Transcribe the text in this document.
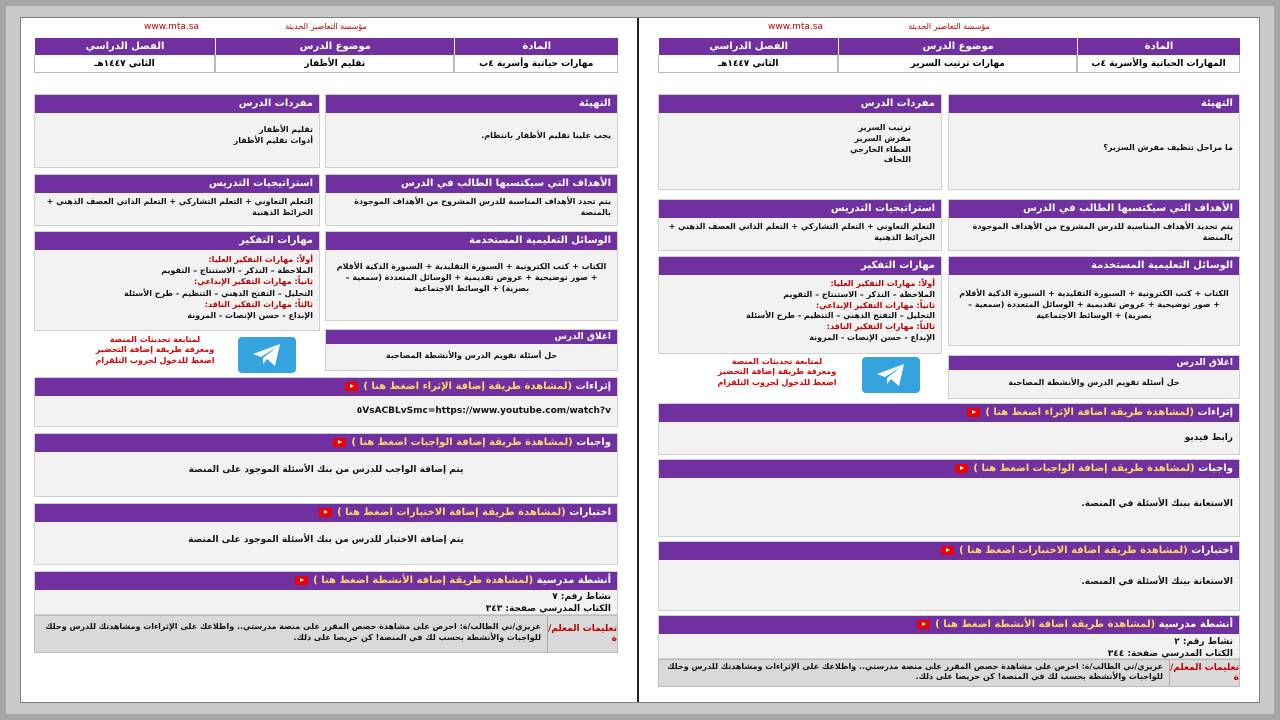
مؤسسة التعاضير الحديثة
www.mta.sa
المادة
موضوع الدرس
الفصل الدراسي
مهارات حياتية وأسرية ٤ب
تقليم الأظفار
الثاني ١٤٤٧هـ
التهيئة
يجب علينا تقليم الأظفار بانتظام.
مفردات الدرس
تقليم الأظفار
أدوات تقليم الأظفار
الأهداف التي سيكتسبها الطالب في الدرس
يتم تحدد الأهداف المناسبة للدرس المشروح من الأهداف الموجودة بالمنصة
استراتيجيات التدريس
التعلم التعاوني + التعلم التشاركي + التعلم الذاتي العصف الذهني + الخرائط الذهنية
الوسائل التعليمية المستخدمة
الكتاب + كتب الكترونية + السبورة التقليدية + السبورة الذكية الأقلام + صور توضيحية + عروض تقديمية + الوسائل المتعددة (سمعية – بصرية) + الوسائط الاجتماعية
مهارات التفكير
أولاً: مهارات التفكير العليا:
الملاحظة – التذكر – الاستنتاج – التقويم
ثانياً: مهارات التفكير الإبداعي:
التحليل – التفتح الذهني – التنظيم - طرح الأسئلة
ثالثاً: مهارات التفكير الناقد:
الإبداع - حسن الإنصات - المرونة
اغلاق الدرس
حل أسئلة تقويم الدرس والأنشطة المصاحبة
لمتابعة تحديثات المنصة
ومعرفة طريقة إضافة التحضير
اضغط للدخول لجروب التلقرام
إثراءات (لمشاهدة طريقة إضافة الإثراء اضغط هنا )
https://www.youtube.com/watch?v=٥VsACBLvSmc
واجبات (لمشاهدة طريقة إضافة الواجبات اضغط هنا )
يتم إضافة الواجب للدرس من بنك الأسئلة الموجود على المنصة
اختبارات (لمشاهدة طريقة إضافة الاختبارات اضغط هنا )
يتم إضافة الاختبار للدرس من بنك الأسئلة الموجود على المنصة
أنشطة مدرسية (لمشاهدة طريقة إضافة الأنشطة اضغط هنا )
نشاط رقم: ٧
الكتاب المدرسي صفحة: ٣٤٣
تعليمات المعلم/ة
عزيزي/تي الطالب/ة: احرص على مشاهدة حصص المقرر على منصة مدرستي.. واطلاعك على الإثراءات ومشاهدتك للدرس وحلك للواجبات والأنشطة بحسب لك في المنصة! كن حريصا على ذلك.
مؤسسة التعاضير الحديثة
www.mta.sa
المادة
موضوع الدرس
الفصل الدراسي
المهارات الحياتية والأسرية ٤ب
مهارات ترتيب السرير
الثاني ١٤٤٧هـ
التهيئة
ما مراحل تنظيف مفرش السرير؟
مفردات الدرس
ترتيب السرير
مفرش السرير
الغطاء الخارجي
اللحاف
الأهداف التي سيكتسبها الطالب في الدرس
يتم تحديد الأهداف المناسبة للدرس المشروح من الأهداف الموجودة بالمنصة
استراتيجيات التدريس
التعلم التعاوني + التعلم التشاركي + التعلم الذاتي العصف الذهني + الخرائط الذهنية
الوسائل التعليمية المستخدمة
الكتاب + كتب الكترونية + السبورة التقليدية + السبورة الذكية الأقلام + صور توضيحية + عروض تقديمية + الوسائل المتعددة (سمعية – بصرية) + الوسائط الاجتماعية
مهارات التفكير
أولاً: مهارات التفكير العليا:
الملاحظة – التذكر – الاستنتاج – التقويم
ثانياً: مهارات التفكير الإبداعي:
التحليل – التفتح الذهني – التنظيم - طرح الأسئلة
ثالثاً: مهارات التفكير الناقد:
الإبداع - حسن الإنصات - المرونة
اغلاق الدرس
حل أسئلة تقويم الدرس والأنشطة المصاحبة
لمتابعة تحديثات المنصة
ومعرفة طريقة إضافة التحضير
اضغط للدخول لجروب التلقرام
إثراءات (لمشاهدة طريقة اضافة الإثراء اضغط هنا )
رابط فيديو
واجبات (لمشاهدة طريقة إضافة الواجبات اضغط هنا )
الاستعانة ببنك الأسئلة في المنصة.
اختبارات (لمشاهدة طريقة اضافة الاختبارات اضغط هنا )
الاستعانة ببنك الأسئلة في المنصة.
أنشطة مدرسية (لمشاهدة طريقة اضافة الأنشطة اضغط هنا )
نشاط رقم: ٢
الكتاب المدرسي صفحة: ٣٤٤
تعليمات المعلم/ة
عزيزي/تي الطالب/ة: احرص على مشاهدة حصص المقرر على منصة مدرستي.. واطلاعك على الإثراءات ومشاهدتك للدرس وحلك للواجبات والأنشطة بحسب لك في المنصة! كن حريصا على ذلك.
